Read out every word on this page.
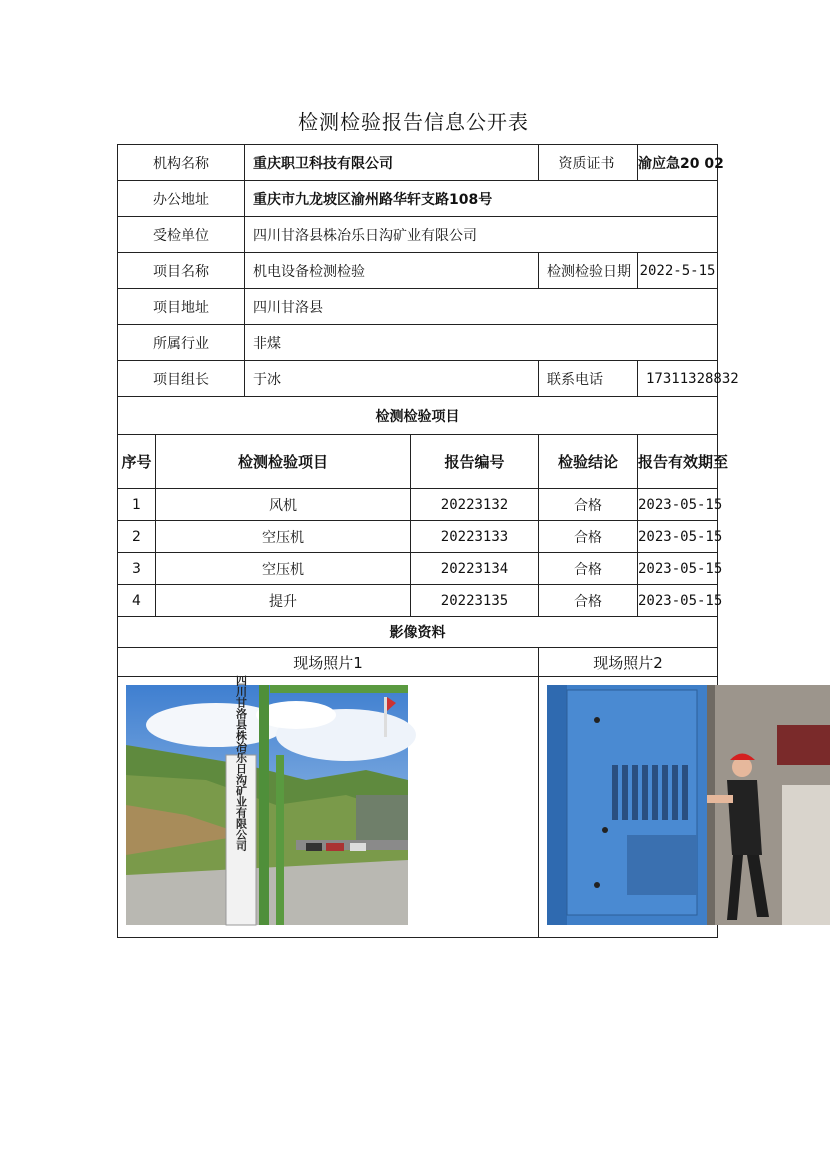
检测检验报告信息公开表
机构名称		重庆职卫科技有限公司			资质证书	渝应急20 02
办公地址		重庆市九龙坡区渝州路华轩支路108号				
受检单位		四川甘洛县株冶乐日沟矿业有限公司				
项目名称		机电设备检测检验		检测检验日期		2022-5-15
项目地址		四川甘洛县				
所属行业		非煤				
项目组长		于冰		联系电话		17311328832
检测检验项目						
序号	检测检验项目		报告编号	检验结论		报告有效期至
1	风机		20223132	合格		2023-05-15
2	空压机		20223133	合格		2023-05-15
3	空压机		20223134	合格		2023-05-15
4	提升		20223135	合格		2023-05-15
影像资料						
现场照片1				现场照片2		

四川甘洛县株冶乐日沟矿业有限公司
